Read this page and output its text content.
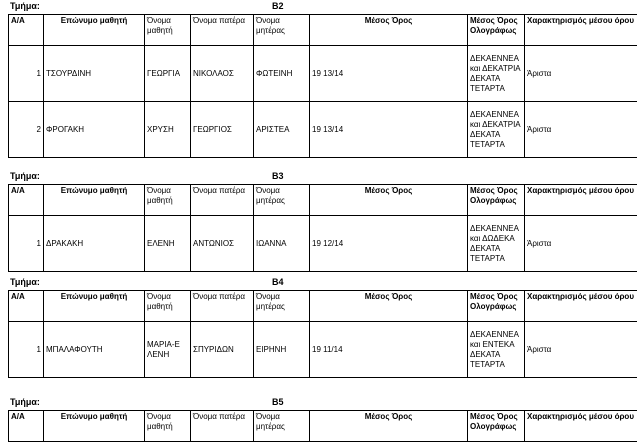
Τμήμα:	Β2
Α/Α	Επώνυμο μαθητή	Όνομα μαθητή	Όνομα πατέρα	Όνομα μητέρας	Μέσος Όρος	Μέσος Όρος Ολογράφως	Χαρακτηρισμός μέσου όρου
1	ΤΣΟΥΡΔΙΝΗ	ΓΕΩΡΓΙΑ	ΝΙΚΟΛΑΟΣ	ΦΩΤΕΙΝΗ	19 13/14	ΔΕΚΑΕΝΝΕΑ και ΔΕΚΑΤΡΙΑ ΔΕΚΑΤΑ ΤΕΤΑΡΤΑ	Άριστα
2	ΦΡΟΓΑΚΗ	ΧΡΥΣΗ	ΓΕΩΡΓΙΟΣ	ΑΡΙΣΤΕΑ	19 13/14	ΔΕΚΑΕΝΝΕΑ και ΔΕΚΑΤΡΙΑ ΔΕΚΑΤΑ ΤΕΤΑΡΤΑ	Άριστα
Τμήμα:	Β3
Α/Α	Επώνυμο μαθητή	Όνομα μαθητή	Όνομα πατέρα	Όνομα μητέρας	Μέσος Όρος	Μέσος Όρος Ολογράφως	Χαρακτηρισμός μέσου όρου
1	ΔΡΑΚΑΚΗ	ΕΛΕΝΗ	ΑΝΤΩΝΙΟΣ	ΙΩΑΝΝΑ	19 12/14	ΔΕΚΑΕΝΝΕΑ και ΔΩΔΕΚΑ ΔΕΚΑΤΑ ΤΕΤΑΡΤΑ	Άριστα
Τμήμα:	Β4
Α/Α	Επώνυμο μαθητή	Όνομα μαθητή	Όνομα πατέρα	Όνομα μητέρας	Μέσος Όρος	Μέσος Όρος Ολογράφως	Χαρακτηρισμός μέσου όρου
1	ΜΠΑΛΑΦΟΥΤΗ	ΜΑΡΙΑ-Ε ΛΕΝΗ	ΣΠΥΡΙΔΩΝ	ΕΙΡΗΝΗ	19 11/14	ΔΕΚΑΕΝΝΕΑ και ΕΝΤΕΚΑ ΔΕΚΑΤΑ ΤΕΤΑΡΤΑ	Άριστα
Τμήμα:	Β5
Α/Α	Επώνυμο μαθητή	Όνομα μαθητή	Όνομα πατέρα	Όνομα μητέρας	Μέσος Όρος	Μέσος Όρος Ολογράφως	Χαρακτηρισμός μέσου όρου
